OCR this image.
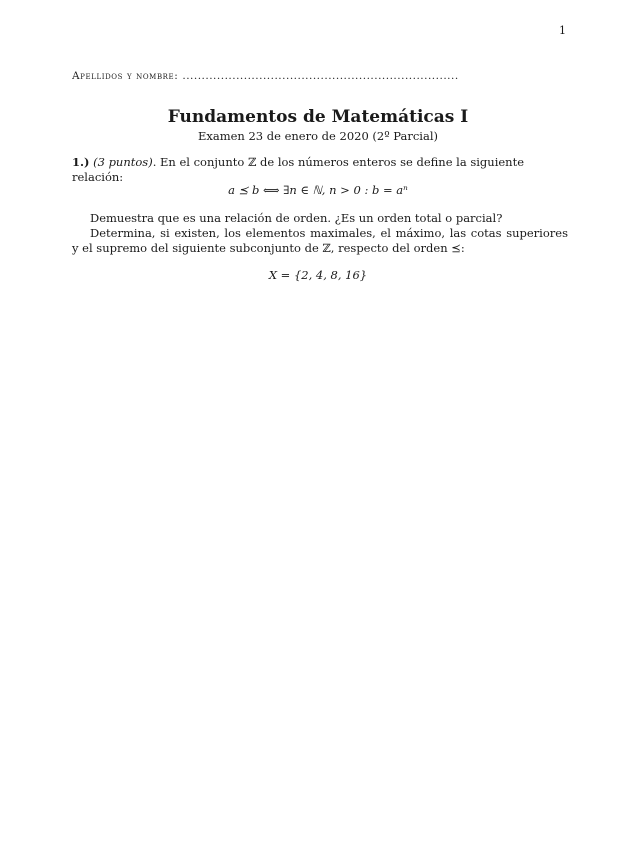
1
Apellidos y nombre: ........................................................................
Fundamentos de Matemáticas I
Examen 23 de enero de 2020 (2º Parcial)
1.) (3 puntos). En el conjunto ℤ de los números enteros se define la siguiente relación:
a ⪯ b ⟺ ∃n ∈ ℕ, n > 0 : b = aⁿ
Demuestra que es una relación de orden. ¿Es un orden total o parcial?
Determina, si existen, los elementos maximales, el máximo, las cotas superiores y el supremo del siguiente subconjunto de ℤ, respecto del orden ⪯:
X = {2, 4, 8, 16}
